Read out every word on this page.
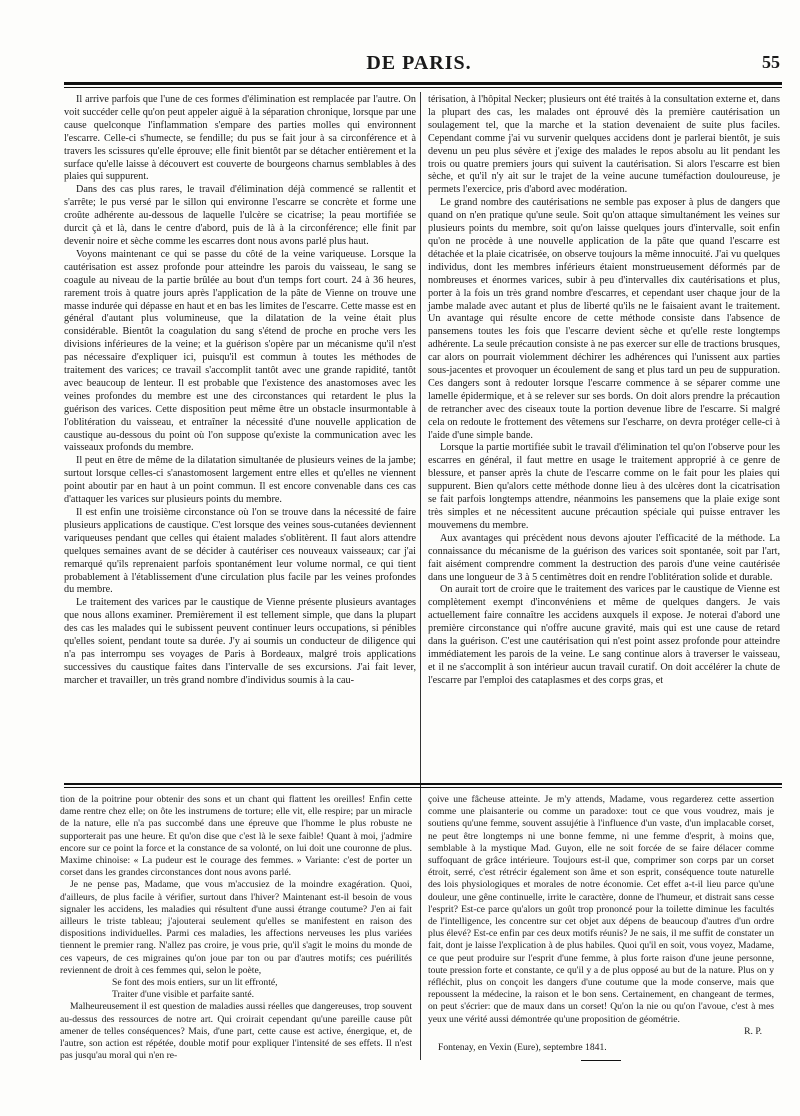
DE PARIS.	55

Il arrive parfois que l'une de ces formes d'élimination est remplacée par l'autre. On voit succéder celle qu'on peut appeler aiguë à la séparation chronique, lorsque par une cause quelconque l'inflammation s'empare des parties molles qui environnent l'escarre. Celle-ci s'humecte, se fendille; du pus se fait jour à sa circonférence et à travers les scissures qu'elle éprouve; elle finit bientôt par se détacher entièrement et la surface qu'elle laisse à découvert est couverte de bourgeons charnus semblables à des plaies qui suppurent.

Dans des cas plus rares, le travail d'élimination déjà commencé se rallentit et s'arrête; le pus versé par le sillon qui environne l'escarre se concrète et forme une croûte adhérente au-dessous de laquelle l'ulcère se cicatrise; la peau mortifiée se durcit çà et là, dans le centre d'abord, puis de là à la circonférence; elle finit par devenir noire et sèche comme les escarres dont nous avons parlé plus haut.

Voyons maintenant ce qui se passe du côté de la veine variqueuse. Lorsque la cautérisation est assez profonde pour atteindre les parois du vaisseau, le sang se coagule au niveau de la partie brûlée au bout d'un temps fort court. 24 à 36 heures, rarement trois à quatre jours après l'application de la pâte de Vienne on trouve une masse indurée qui dépasse en haut et en bas les limites de l'escarre. Cette masse est en général d'autant plus volumineuse, que la dilatation de la veine était plus considérable. Bientôt la coagulation du sang s'étend de proche en proche vers les divisions inférieures de la veine; et la guérison s'opère par un mécanisme qu'il n'est pas nécessaire d'expliquer ici, puisqu'il est commun à toutes les méthodes de traitement des varices; ce travail s'accomplit tantôt avec une grande rapidité, tantôt avec beaucoup de lenteur. Il est probable que l'existence des anastomoses avec les veines profondes du membre est une des circonstances qui retardent le plus la guérison des varices. Cette disposition peut même être un obstacle insurmontable à l'oblitération du vaisseau, et entraîner la nécessité d'une nouvelle application de caustique au-dessous du point où l'on suppose qu'existe la communication avec les vaisseaux profonds du membre.

Il peut en être de même de la dilatation simultanée de plusieurs veines de la jambe; surtout lorsque celles-ci s'anastomosent largement entre elles et qu'elles ne viennent point aboutir par en haut à un point commun. Il est encore convenable dans ces cas d'attaquer les varices sur plusieurs points du membre.

Il est enfin une troisième circonstance où l'on se trouve dans la nécessité de faire plusieurs applications de caustique. C'est lorsque des veines sous-cutanées deviennent variqueuses pendant que celles qui étaient malades s'oblitèrent. Il faut alors attendre quelques semaines avant de se décider à cautériser ces nouveaux vaisseaux; car j'ai remarqué qu'ils reprenaient parfois spontanément leur volume normal, ce qui tient probablement à l'établissement d'une circulation plus facile par les veines profondes du membre.

Le traitement des varices par le caustique de Vienne présente plusieurs avantages que nous allons examiner. Premièrement il est tellement simple, que dans la plupart des cas les malades qui le subissent peuvent continuer leurs occupations, si pénibles qu'elles soient, pendant toute sa durée. J'y ai soumis un conducteur de diligence qui n'a pas interrompu ses voyages de Paris à Bordeaux, malgré trois applications successives du caustique faites dans l'intervalle de ses excursions. J'ai fait lever, marcher et travailler, un très grand nombre d'individus soumis à la cau-

térisation, à l'hôpital Necker; plusieurs ont été traités à la consultation externe et, dans la plupart des cas, les malades ont éprouvé dès la première cautérisation un soulagement tel, que la marche et la station devenaient de suite plus faciles. Cependant comme j'ai vu survenir quelques accidens dont je parlerai bientôt, je suis devenu un peu plus sévère et j'exige des malades le repos absolu au lit pendant les trois ou quatre premiers jours qui suivent la cautérisation. Si alors l'escarre est bien sèche, et qu'il n'y ait sur le trajet de la veine aucune tuméfaction douloureuse, je permets l'exercice, pris d'abord avec modération.

Le grand nombre des cautérisations ne semble pas exposer à plus de dangers que quand on n'en pratique qu'une seule. Soit qu'on attaque simultanément les veines sur plusieurs points du membre, soit qu'on laisse quelques jours d'intervalle, soit enfin qu'on ne procède à une nouvelle application de la pâte que quand l'escarre est détachée et la plaie cicatrisée, on observe toujours la même innocuité. J'ai vu quelques individus, dont les membres inférieurs étaient monstrueusement déformés par de nombreuses et énormes varices, subir à peu d'intervalles dix cautérisations et plus, porter à la fois un très grand nombre d'escarres, et cependant user chaque jour de la jambe malade avec autant et plus de liberté qu'ils ne le faisaient avant le traitement. Un avantage qui résulte encore de cette méthode consiste dans l'absence de pansemens toutes les fois que l'escarre devient sèche et qu'elle reste longtemps adhérente. La seule précaution consiste à ne pas exercer sur elle de tractions brusques, car alors on pourrait violemment déchirer les adhérences qui l'unissent aux parties sous-jacentes et provoquer un écoulement de sang et plus tard un peu de suppuration. Ces dangers sont à redouter lorsque l'escarre commence à se séparer comme une lamelle épidermique, et à se relever sur ses bords. On doit alors prendre la précaution de retrancher avec des ciseaux toute la portion devenue libre de l'escarre. Si malgré cela on redoute le frottement des vêtemens sur l'escharre, on devra protéger celle-ci à l'aide d'une simple bande.

Lorsque la partie mortifiée subit le travail d'élimination tel qu'on l'observe pour les escarres en général, il faut mettre en usage le traitement approprié à ce genre de blessure, et panser après la chute de l'escarre comme on le fait pour les plaies qui suppurent. Bien qu'alors cette méthode donne lieu à des ulcères dont la cicatrisation se fait parfois longtemps attendre, néanmoins les pansemens que la plaie exige sont très simples et ne nécessitent aucune précaution spéciale qui puisse entraver les mouvemens du membre.

Aux avantages qui précèdent nous devons ajouter l'efficacité de la méthode. La connaissance du mécanisme de la guérison des varices soit spontanée, soit par l'art, fait aisément comprendre comment la destruction des parois d'une veine cautérisée dans une longueur de 3 à 5 centimètres doit en rendre l'oblitération solide et durable.

On aurait tort de croire que le traitement des varices par le caustique de Vienne est complètement exempt d'inconvéniens et même de quelques dangers. Je vais actuellement faire connaître les accidens auxquels il expose. Je noterai d'abord une première circonstance qui n'offre aucune gravité, mais qui est une cause de retard dans la guérison. C'est une cautérisation qui n'est point assez profonde pour atteindre immédiatement les parois de la veine. Le sang continue alors à traverser le vaisseau, et il ne s'accomplit à son intérieur aucun travail curatif. On doit accélérer la chute de l'escarre par l'emploi des cataplasmes et des corps gras, et

tion de la poitrine pour obtenir des sons et un chant qui flattent les oreilles! Enfin cette dame rentre chez elle; on ôte les instrumens de torture; elle vit, elle respire; par un miracle de la nature, elle n'a pas succombé dans une épreuve que l'homme le plus robuste ne supporterait pas une heure. Et qu'on dise que c'est là le sexe faible! Quant à moi, j'admire encore sur ce point la force et la constance de sa volonté, on lui doit une couronne de plus. Maxime chinoise: « La pudeur est le courage des femmes. » Variante: c'est de porter un corset dans les grandes circonstances dont nous avons parlé.

Je ne pense pas, Madame, que vous m'accusiez de la moindre exagération. Quoi, d'ailleurs, de plus facile à vérifier, surtout dans l'hiver? Maintenant est-il besoin de vous signaler les accidens, les maladies qui résultent d'une aussi étrange coutume? J'en ai fait ailleurs le triste tableau; j'ajouterai seulement qu'elles se manifestent en raison des dispositions individuelles. Parmi ces maladies, les affections nerveuses les plus variées tiennent le premier rang. N'allez pas croire, je vous prie, qu'il s'agit le moins du monde de ces vapeurs, de ces migraines qu'on joue par ton ou par d'autres motifs; ces puérilités reviennent de droit à ces femmes qui, selon le poète,

Se font des mois entiers, sur un lit effronté,

Traiter d'une visible et parfaite santé.

Malheureusement il est question de maladies aussi réelles que dangereuses, trop souvent au-dessus des ressources de notre art. Qui croirait cependant qu'une pareille cause pût amener de telles conséquences? Mais, d'une part, cette cause est active, énergique, et, de l'autre, son action est répétée, double motif pour expliquer l'intensité de ses effets. Il n'est pas jusqu'au moral qui n'en re-

çoive une fâcheuse atteinte. Je m'y attends, Madame, vous regarderez cette assertion comme une plaisanterie ou comme un paradoxe: tout ce que vous voudrez, mais je soutiens qu'une femme, souvent assujétie à l'influence d'un vaste, d'un implacable corset, ne peut être longtemps ni une bonne femme, ni une femme d'esprit, à moins que, semblable à la mystique Mad. Guyon, elle ne soit forcée de se faire délacer comme suffoquant de grâce intérieure. Toujours est-il que, comprimer son corps par un corset étroit, serré, c'est rétrécir également son âme et son esprit, conséquence toute naturelle des lois physiologiques et morales de notre économie. Cet effet a-t-il lieu parce qu'une douleur, une gêne continuelle, irrite le caractère, donne de l'humeur, et distrait sans cesse l'esprit? Est-ce parce qu'alors un goût trop prononcé pour la toilette diminue les facultés de l'intelligence, les concentre sur cet objet aux dépens de beaucoup d'autres d'un ordre plus élevé? Est-ce enfin par ces deux motifs réunis? Je ne sais, il me suffit de constater un fait, dont je laisse l'explication à de plus habiles. Quoi qu'il en soit, vous voyez, Madame, ce que peut produire sur l'esprit d'une femme, à plus forte raison d'une jeune personne, toute pression forte et constante, ce qu'il y a de plus opposé au but de la nature. Plus on y réfléchit, plus on conçoit les dangers d'une coutume que la mode conserve, mais que repoussent la médecine, la raison et le bon sens. Certainement, en changeant de termes, on peut s'écrier: que de maux dans un corset! Qu'on la nie ou qu'on l'avoue, c'est à mes yeux une vérité aussi démontrée qu'une proposition de géométrie.

R. P.

Fontenay, en Vexin (Eure), septembre 1841.
